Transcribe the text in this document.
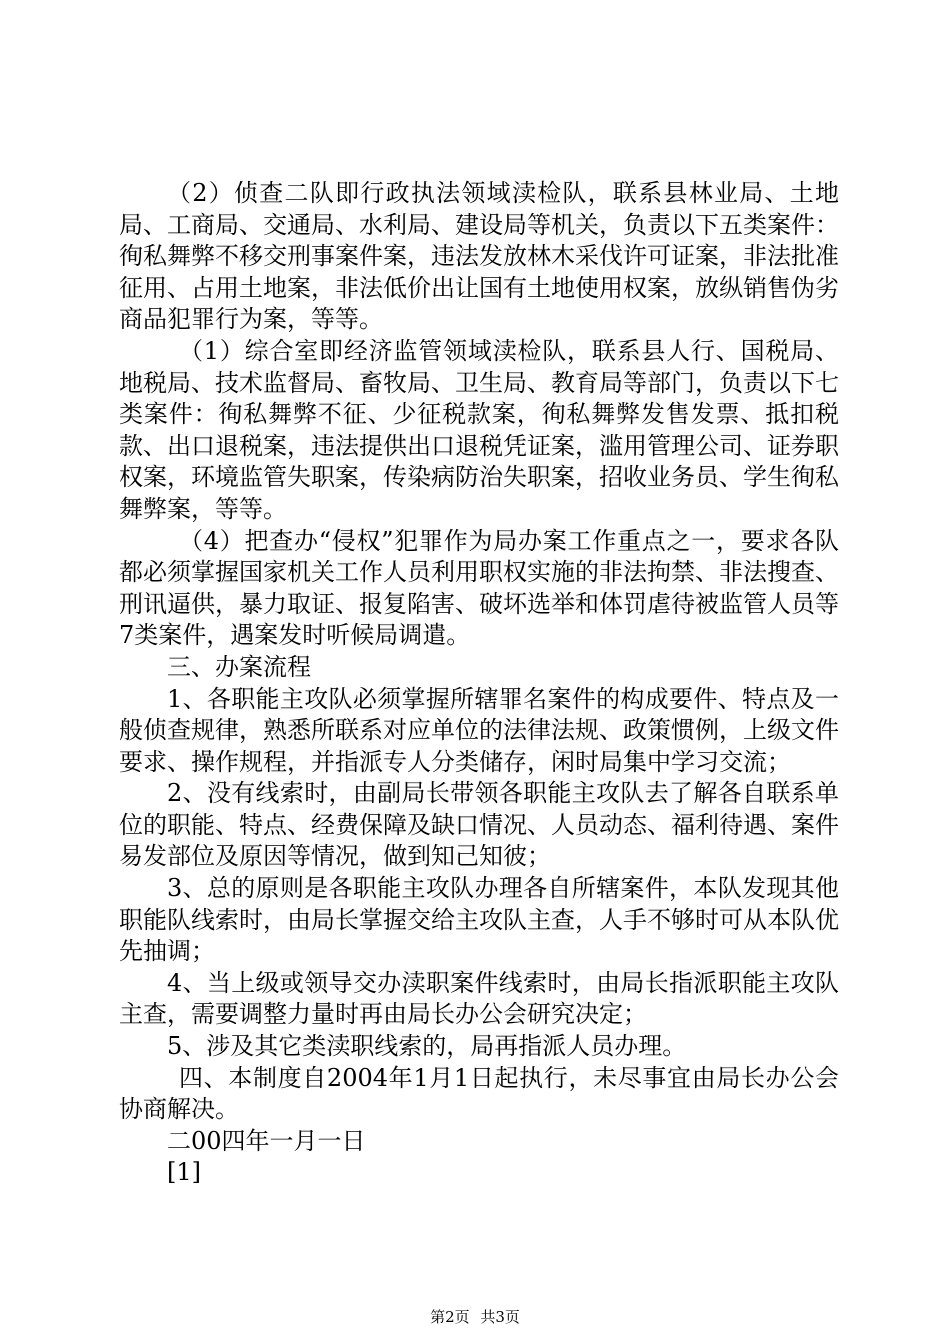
（2）侦查二队即行政执法领域渎检队，联系县林业局、土地局、工商局、交通局、水利局、建设局等机关，负责以下五类案件：徇私舞弊不移交刑事案件案，违法发放林木采伐许可证案，非法批准征用、占用土地案，非法低价出让国有土地使用权案，放纵销售伪劣商品犯罪行为案，等等。

（1）综合室即经济监管领域渎检队，联系县人行、国税局、地税局、技术监督局、畜牧局、卫生局、教育局等部门，负责以下七类案件：徇私舞弊不征、少征税款案，徇私舞弊发售发票、抵扣税款、出口退税案，违法提供出口退税凭证案，滥用管理公司、证券职权案，环境监管失职案，传染病防治失职案，招收业务员、学生徇私舞弊案，等等。

（4）把查办“侵权”犯罪作为局办案工作重点之一，要求各队都必须掌握国家机关工作人员利用职权实施的非法拘禁、非法搜查、刑讯逼供，暴力取证、报复陷害、破坏选举和体罚虐待被监管人员等7类案件，遇案发时听候局调遣。

三、办案流程

1、各职能主攻队必须掌握所辖罪名案件的构成要件、特点及一般侦查规律，熟悉所联系对应单位的法律法规、政策惯例，上级文件要求、操作规程，并指派专人分类储存，闲时局集中学习交流；

2、没有线索时，由副局长带领各职能主攻队去了解各自联系单位的职能、特点、经费保障及缺口情况、人员动态、福利待遇、案件易发部位及原因等情况，做到知己知彼；

3、总的原则是各职能主攻队办理各自所辖案件，本队发现其他职能队线索时，由局长掌握交给主攻队主查，人手不够时可从本队优先抽调；

4、当上级或领导交办渎职案件线索时，由局长指派职能主攻队主查，需要调整力量时再由局长办公会研究决定；

5、涉及其它类渎职线索的，局再指派人员办理。

四、本制度自2004年1月1日起执行，未尽事宜由局长办公会协商解决。

二00四年一月一日

[1]

第2页 共3页
